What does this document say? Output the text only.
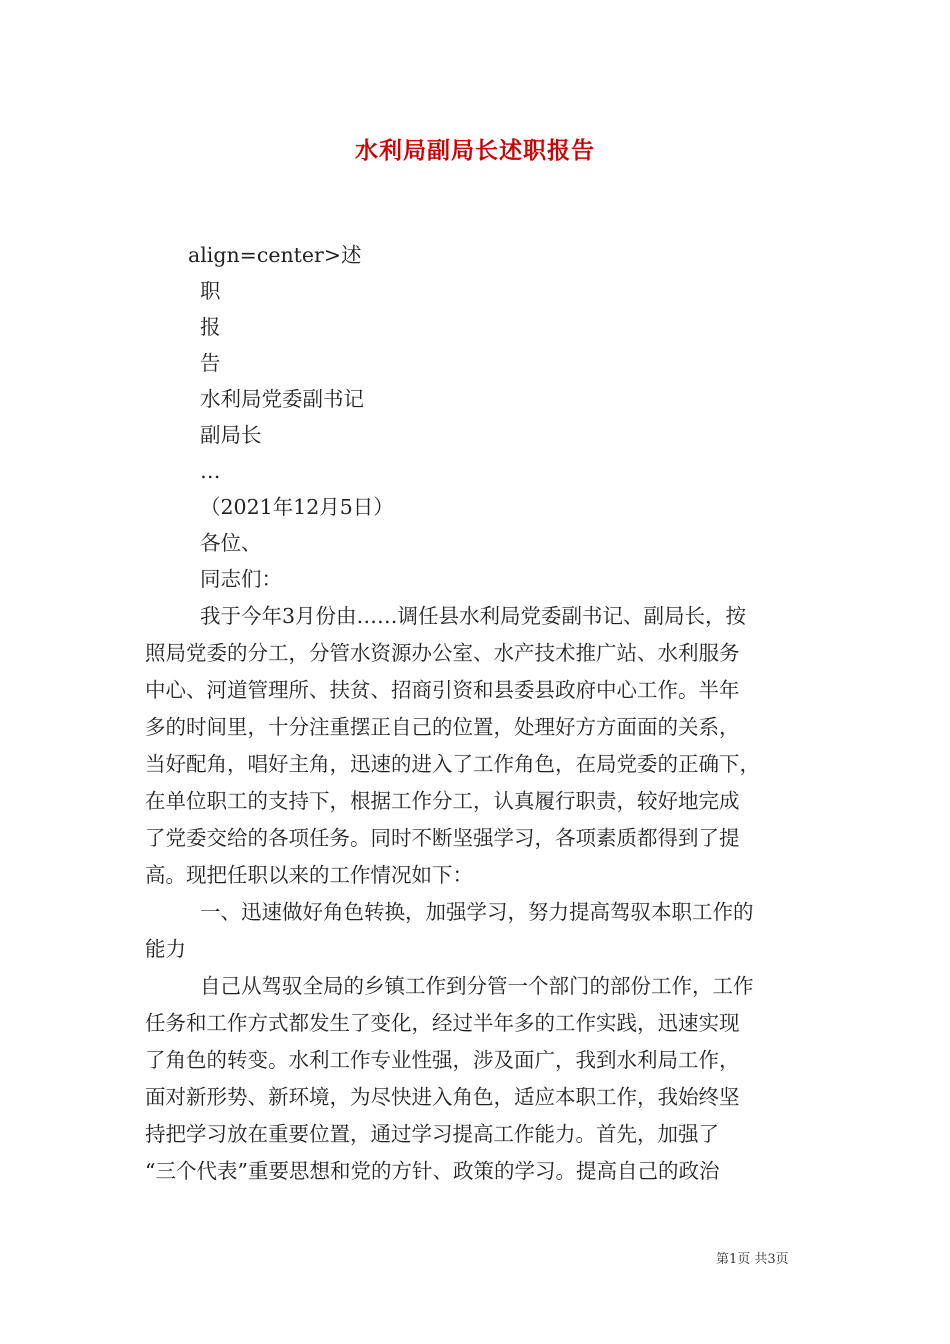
水利局副局长述职报告
align=center>述
职
报
告
水利局党委副书记
副局长
…
（2021年12月5日）
各位、
同志们：
我于今年3月份由……调任县水利局党委副书记、副局长，按
照局党委的分工，分管水资源办公室、水产技术推广站、水利服务
中心、河道管理所、扶贫、招商引资和县委县政府中心工作。半年
多的时间里，十分注重摆正自己的位置，处理好方方面面的关系，
当好配角，唱好主角，迅速的进入了工作角色，在局党委的正确下，
在单位职工的支持下，根据工作分工，认真履行职责，较好地完成
了党委交给的各项任务。同时不断坚强学习，各项素质都得到了提
高。现把任职以来的工作情况如下：
一、迅速做好角色转换，加强学习，努力提高驾驭本职工作的
能力
自己从驾驭全局的乡镇工作到分管一个部门的部份工作，工作
任务和工作方式都发生了变化，经过半年多的工作实践，迅速实现
了角色的转变。水利工作专业性强，涉及面广，我到水利局工作，
面对新形势、新环境，为尽快进入角色，适应本职工作，我始终坚
持把学习放在重要位置，通过学习提高工作能力。首先，加强了
“三个代表”重要思想和党的方针、政策的学习。提高自己的政治
第1页 共3页
